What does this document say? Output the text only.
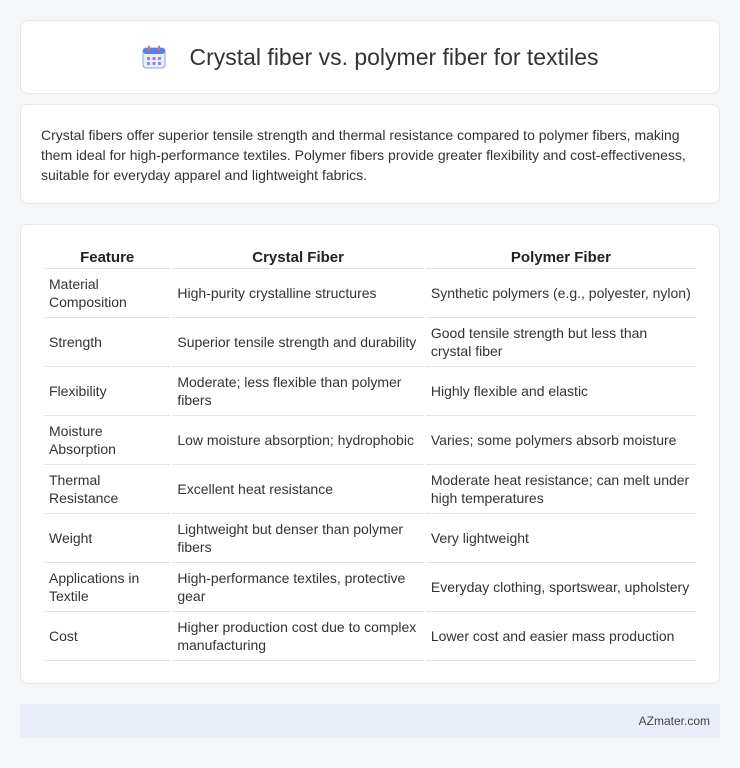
Crystal fiber vs. polymer fiber for textiles

Crystal fibers offer superior tensile strength and thermal resistance compared to polymer fibers, making them ideal for high-performance textiles. Polymer fibers provide greater flexibility and cost-effectiveness, suitable for everyday apparel and lightweight fabrics.

Feature	Crystal Fiber	Polymer Fiber
Material Composition	High-purity crystalline structures	Synthetic polymers (e.g., polyester, nylon)
Strength	Superior tensile strength and durability	Good tensile strength but less than crystal fiber
Flexibility	Moderate; less flexible than polymer fibers	Highly flexible and elastic
Moisture Absorption	Low moisture absorption; hydrophobic	Varies; some polymers absorb moisture
Thermal Resistance	Excellent heat resistance	Moderate heat resistance; can melt under high temperatures
Weight	Lightweight but denser than polymer fibers	Very lightweight
Applications in Textile	High-performance textiles, protective gear	Everyday clothing, sportswear, upholstery
Cost	Higher production cost due to complex manufacturing	Lower cost and easier mass production
AZmater.com
